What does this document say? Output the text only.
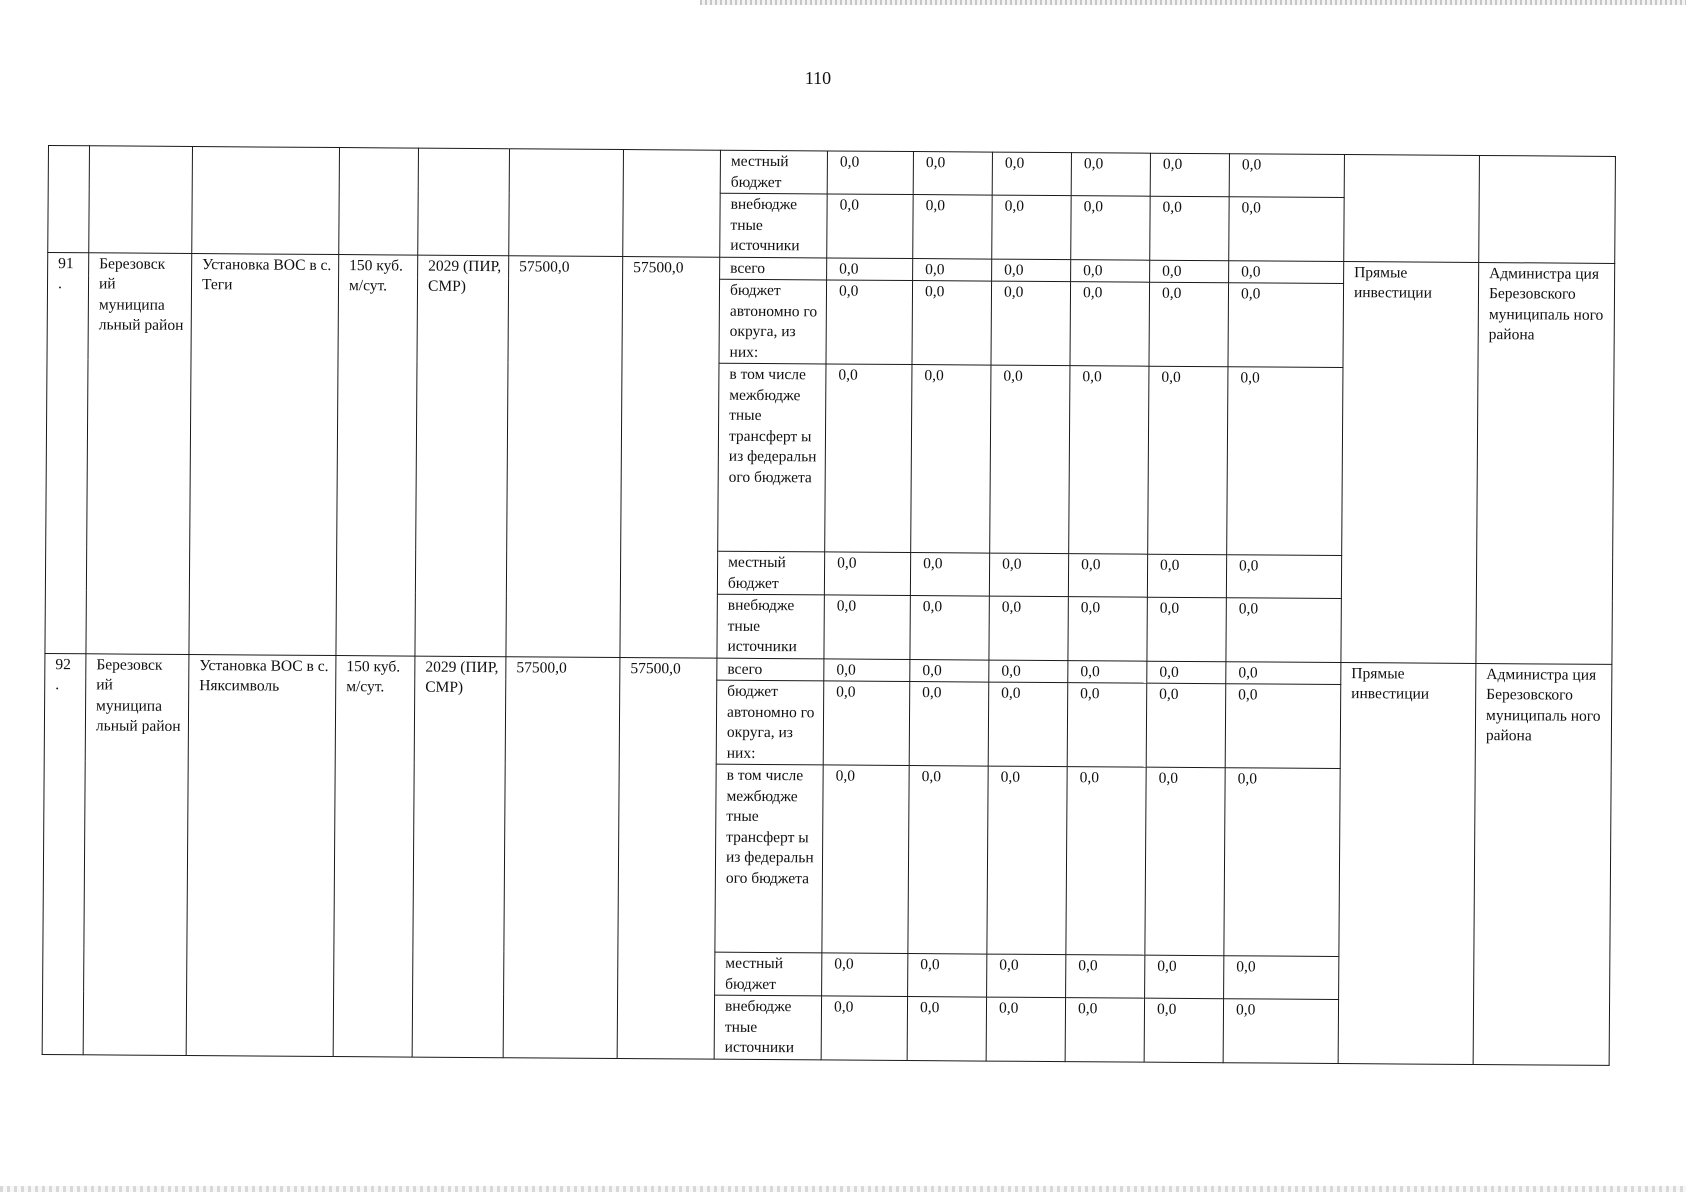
110
							местный бюджет	0,0	0,0	0,0	0,0	0,0	0,0		
							внебюдже тные источники	0,0	0,0	0,0	0,0	0,0	0,0		

91
.	Березовск ий муниципа льный район	Установка ВОС в с. Теги	150 куб. м/сут.	2029 (ПИР, СМР)	57500,0	57500,0	всего	0,0	0,0	0,0	0,0	0,0	0,0	Прямые инвестиции	Администра ция Березовского муниципаль ного района
							бюджет автономно го округа, из них:	0,0	0,0	0,0	0,0	0,0	0,0		
							в том числе межбюдже тные трансферт ы из федеральн ого бюджета	0,0	0,0	0,0	0,0	0,0	0,0		
							местный бюджет	0,0	0,0	0,0	0,0	0,0	0,0		
							внебюдже тные источники	0,0	0,0	0,0	0,0	0,0	0,0		

92
.	Березовск ий муниципа льный район	Установка ВОС в с. Няксимволь	150 куб. м/сут.	2029 (ПИР, СМР)	57500,0	57500,0	всего	0,0	0,0	0,0	0,0	0,0	0,0	Прямые инвестиции	Администра ция Березовского муниципаль ного района
							бюджет автономно го округа, из них:	0,0	0,0	0,0	0,0	0,0	0,0		
							в том числе межбюдже тные трансферт ы из федеральн ого бюджета	0,0	0,0	0,0	0,0	0,0	0,0		
							местный бюджет	0,0	0,0	0,0	0,0	0,0	0,0		
							внебюдже тные источники	0,0	0,0	0,0	0,0	0,0	0,0		
